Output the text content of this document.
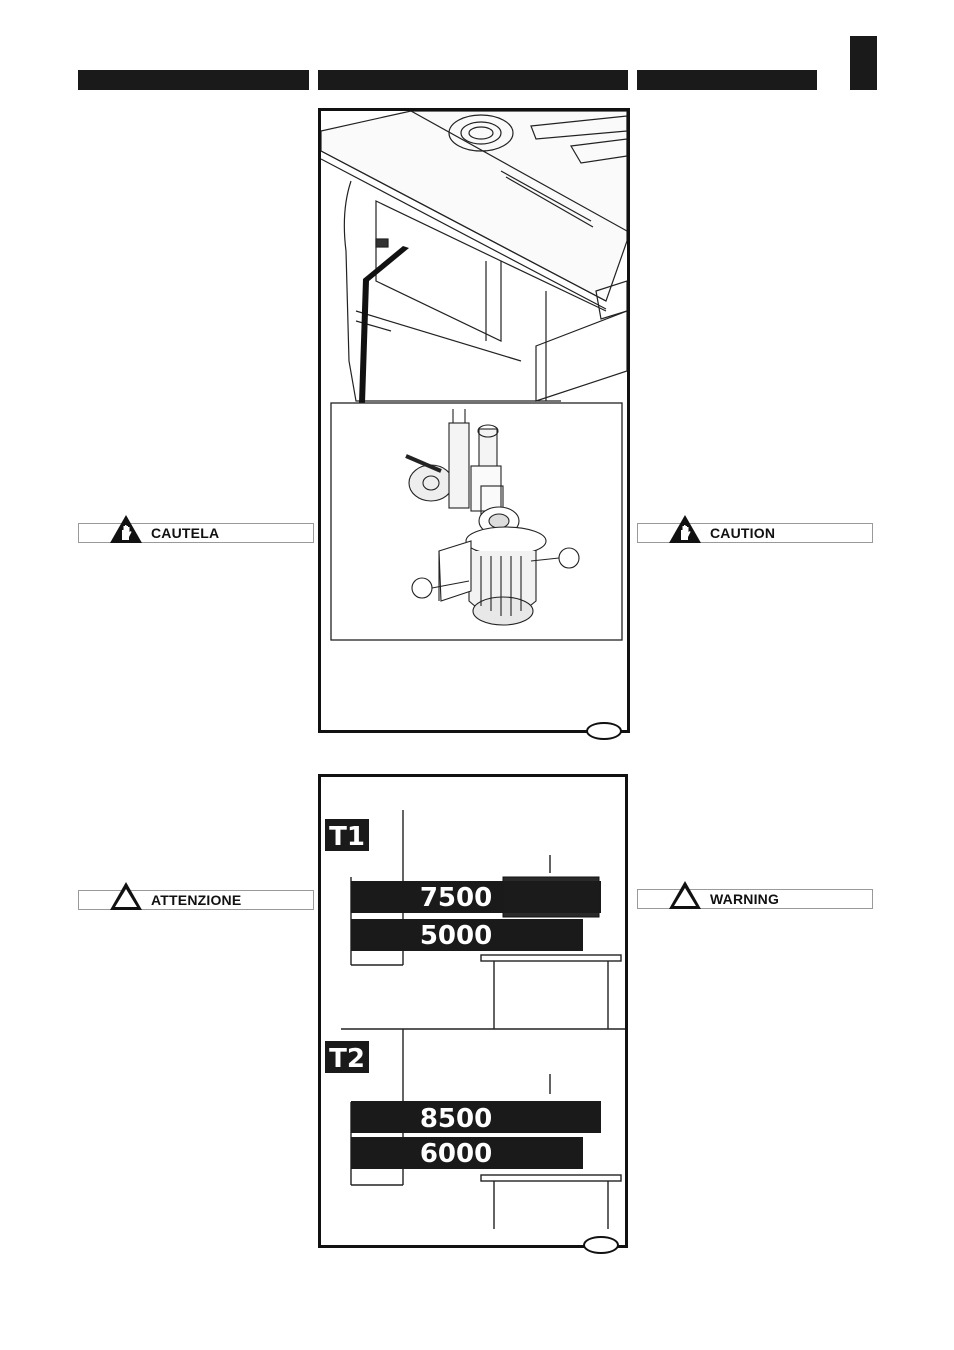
CAUTELA	CAUTION
ATTENZIONE	WARNING
T1
7500
5000
T2
8500
6000
